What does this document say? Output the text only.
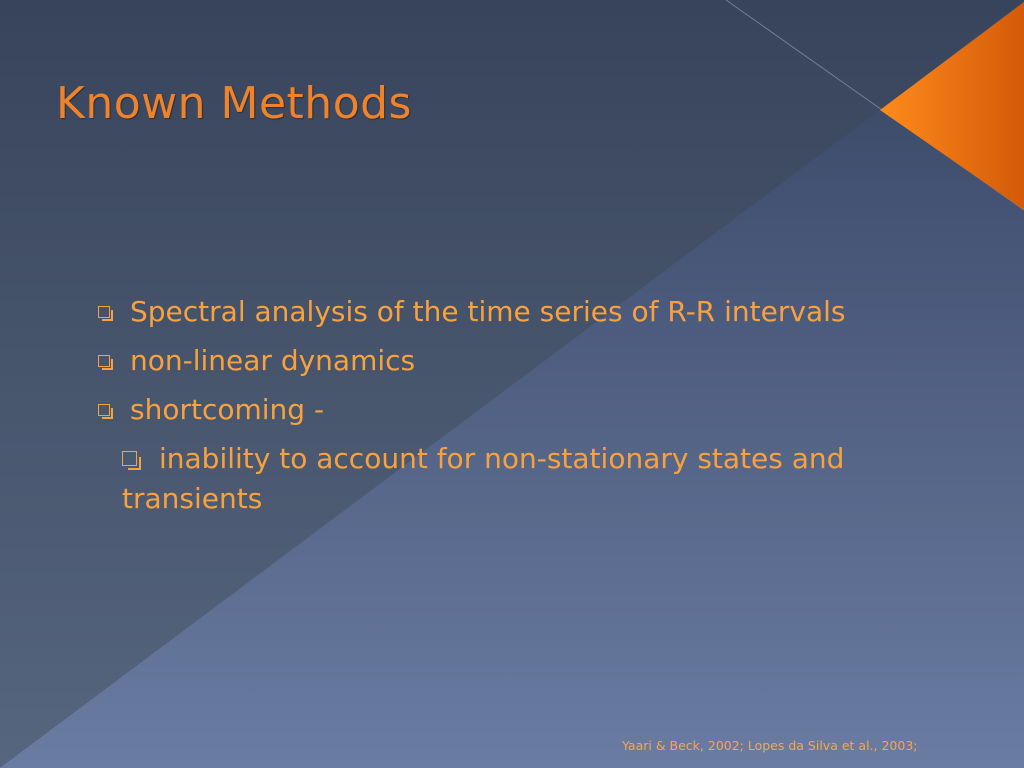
Known Methods
Spectral analysis of the time series of R-R intervals
non-linear dynamics
shortcoming -
inability to account for non-stationary states and transients
Yaari & Beck, 2002; Lopes da Silva et al., 2003;
